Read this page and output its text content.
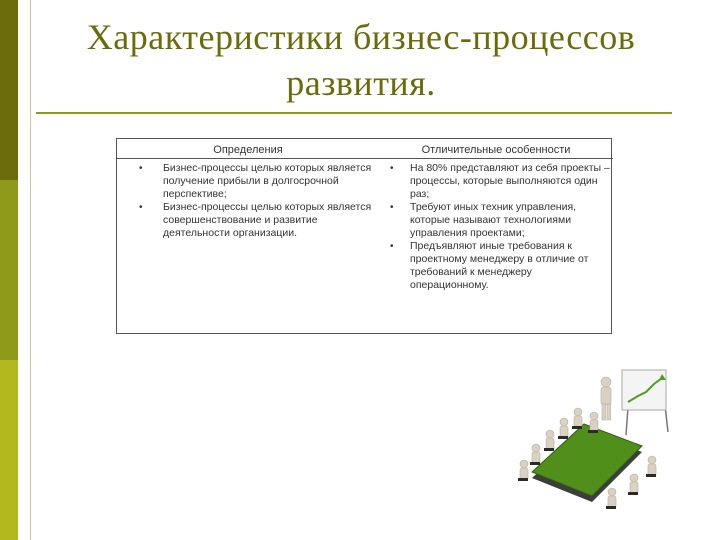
Характеристики бизнес-процессов развития.
Определения
• Бизнес-процессы целью которых является получение прибыли в долгосрочной перспективе;
• Бизнес-процессы целью которых является совершенствование и развитие деятельности организации.
Отличительные особенности
• На 80% представляют из себя проекты – процессы, которые выполняются один раз;
• Требуют иных техник управления, которые называют технологиями управления проектами;
• Предъявляют иные требования к проектному менеджеру в отличие от требований к менеджеру операционному.
